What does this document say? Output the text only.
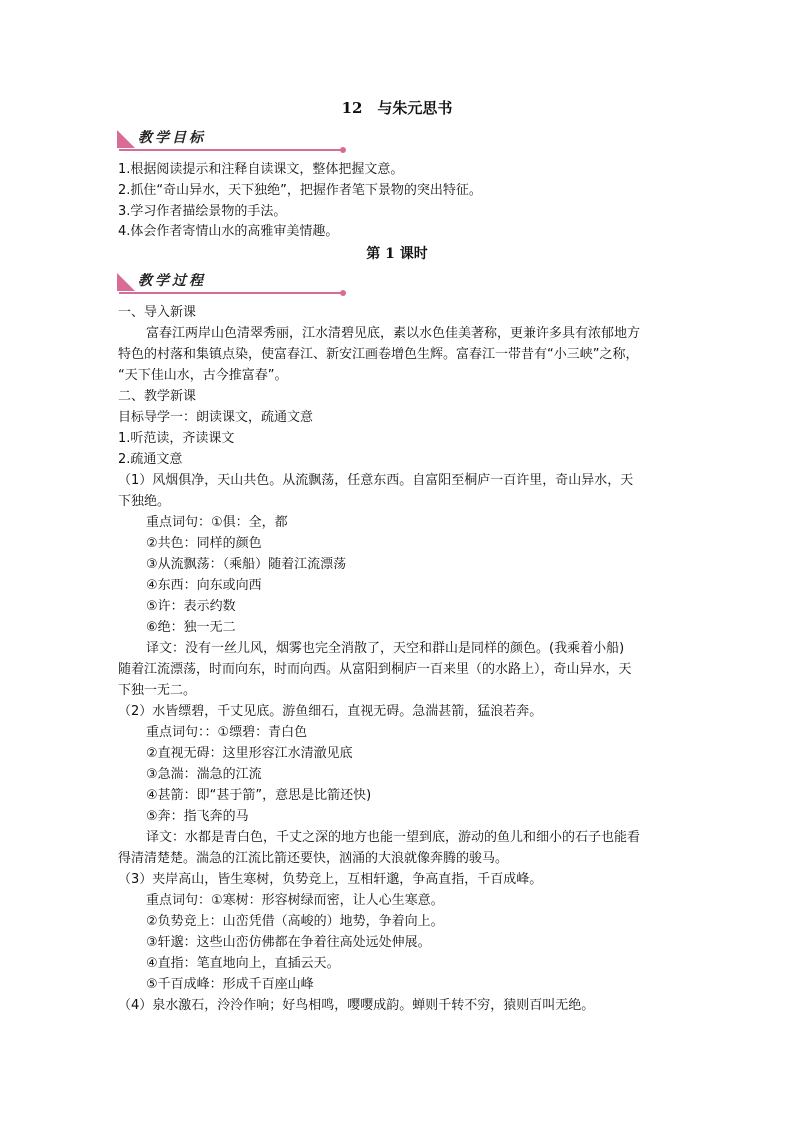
12　与朱元思书
教学目标
1.根据阅读提示和注释自读课文，整体把握文意。
2.抓住“奇山异水，天下独绝”，把握作者笔下景物的突出特征。
3.学习作者描绘景物的手法。
4.体会作者寄情山水的高雅审美情趣。
第 1 课时
教学过程
一、导入新课
富春江两岸山色清翠秀丽，江水清碧见底，素以水色佳美著称，更兼许多具有浓郁地方
特色的村落和集镇点染，使富春江、新安江画卷增色生辉。富春江一带昔有“小三峡”之称，
“天下佳山水，古今推富春”。
二、教学新课
目标导学一：朗读课文，疏通文意
1.听范读，齐读课文
2.疏通文意
（1）风烟俱净，天山共色。从流飘荡，任意东西。自富阳至桐庐一百许里，奇山异水，天
下独绝。
重点词句：①俱：全，都
②共色：同样的颜色
③从流飘荡：（乘船）随着江流漂荡
④东西：向东或向西
⑤许：表示约数
⑥绝：独一无二
译文：没有一丝儿风，烟雾也完全消散了，天空和群山是同样的颜色。(我乘着小船)
随着江流漂荡，时而向东，时而向西。从富阳到桐庐一百来里（的水路上），奇山异水，天
下独一无二。
（2）水皆缥碧，千丈见底。游鱼细石，直视无碍。急湍甚箭，猛浪若奔。
重点词句：：①缥碧：青白色
②直视无碍：这里形容江水清澈见底
③急湍：湍急的江流
④甚箭：即“甚于箭”，意思是比箭还快)
⑤奔：指飞奔的马
译文：水都是青白色，千丈之深的地方也能一望到底，游动的鱼儿和细小的石子也能看
得清清楚楚。湍急的江流比箭还要快，汹涌的大浪就像奔腾的骏马。
（3）夹岸高山，皆生寒树，负势竞上，互相轩邈，争高直指，千百成峰。
重点词句：①寒树：形容树绿而密，让人心生寒意。
②负势竞上：山峦凭借（高峻的）地势，争着向上。
③轩邈：这些山峦仿佛都在争着往高处远处伸展。
④直指：笔直地向上，直插云天。
⑤千百成峰：形成千百座山峰
（4）泉水激石，泠泠作响；好鸟相鸣，嘤嘤成韵。蝉则千转不穷，猿则百叫无绝。
